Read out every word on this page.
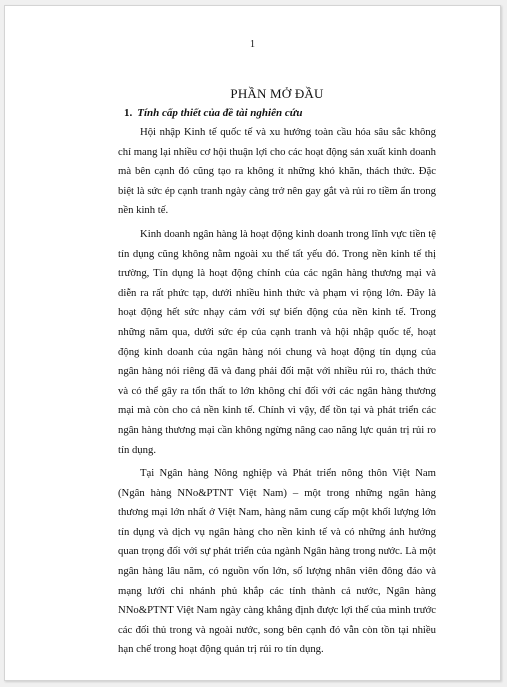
1
PHẦN MỞ ĐẦU
1. Tính cấp thiết của đề tài nghiên cứu

Hội nhập Kinh tế quốc tế và xu hướng toàn cầu hóa sâu sắc không chỉ mang lại nhiều cơ hội thuận lợi cho các hoạt động sản xuất kinh doanh mà bên cạnh đó cũng tạo ra không ít những khó khăn, thách thức. Đặc biệt là sức ép cạnh tranh ngày càng trở nên gay gắt và rủi ro tiềm ẩn trong nền kinh tế.

Kinh doanh ngân hàng là hoạt động kinh doanh trong lĩnh vực tiền tệ tín dụng cũng không nằm ngoài xu thế tất yếu đó. Trong nền kinh tế thị trường, Tín dụng là hoạt động chính của các ngân hàng thương mại và diễn ra rất phức tạp, dưới nhiều hình thức và phạm vi rộng lớn. Đây là hoạt động hết sức nhạy cảm với sự biến động của nền kinh tế. Trong những năm qua, dưới sức ép của cạnh tranh và hội nhập quốc tế, hoạt động kinh doanh của ngân hàng nói chung và hoạt động tín dụng của ngân hàng nói riêng đã và đang phải đối mặt với nhiều rủi ro, thách thức và có thể gây ra tổn thất to lớn không chỉ đối với các ngân hàng thương mại mà còn cho cả nền kinh tế. Chính vì vậy, để tồn tại và phát triển các ngân hàng thương mại cần không ngừng nâng cao năng lực quản trị rủi ro tín dụng.

Tại Ngân hàng Nông nghiệp và Phát triển nông thôn Việt Nam (Ngân hàng NNo&PTNT Việt Nam) – một trong những ngân hàng thương mại lớn nhất ở Việt Nam, hàng năm cung cấp một khối lượng lớn tín dụng và dịch vụ ngân hàng cho nền kinh tế và có những ảnh hưởng quan trọng đối với sự phát triển của ngành Ngân hàng trong nước. Là một ngân hàng lâu năm, có nguồn vốn lớn, số lượng nhân viên đông đảo và mạng lưới chi nhánh phủ khắp các tỉnh thành cả nước, Ngân hàng NNo&PTNT Việt Nam ngày càng khẳng định được lợi thế của mình trước các đối thủ trong và ngoài nước, song bên cạnh đó vẫn còn tồn tại nhiều hạn chế trong hoạt động quản trị rủi ro tín dụng.
